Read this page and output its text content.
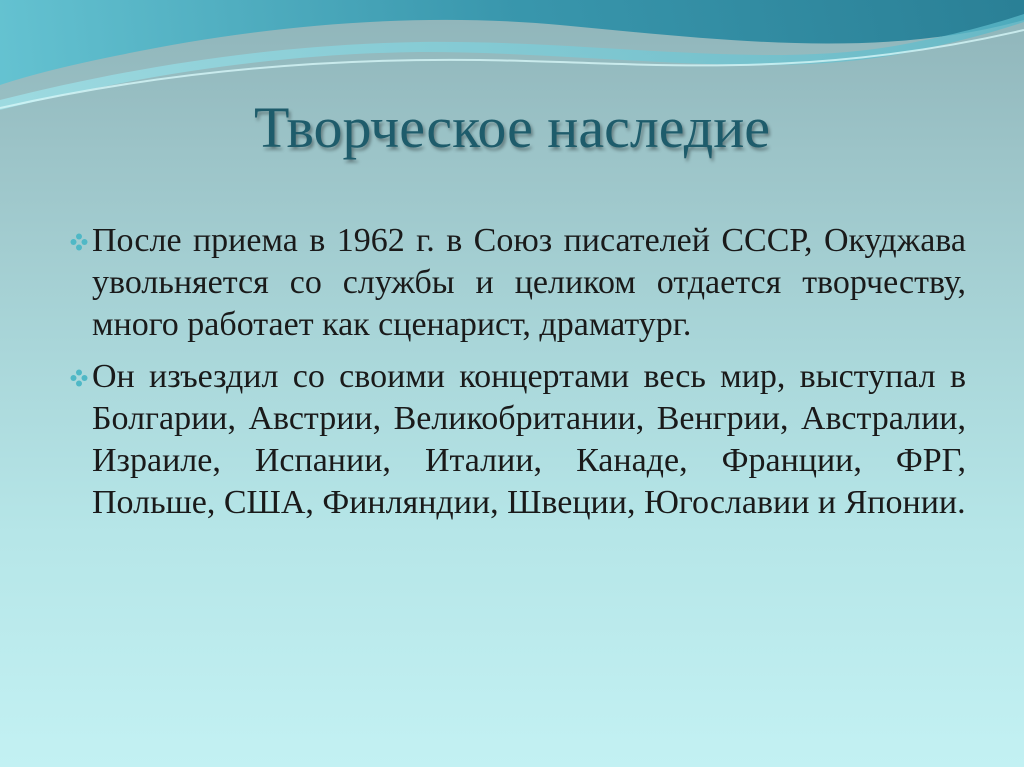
Творческое наследие
После приема в 1962 г. в Союз писателей СССР, Окуджава увольняется со службы и целиком отдается творчеству, много работает как сценарист, драматург.
Он изъездил со своими концертами весь мир, выступал в Болгарии, Австрии, Великобритании, Венгрии, Австралии, Израиле, Испании, Италии, Канаде, Франции, ФРГ, Польше, США, Финляндии, Швеции, Югославии и Японии.
